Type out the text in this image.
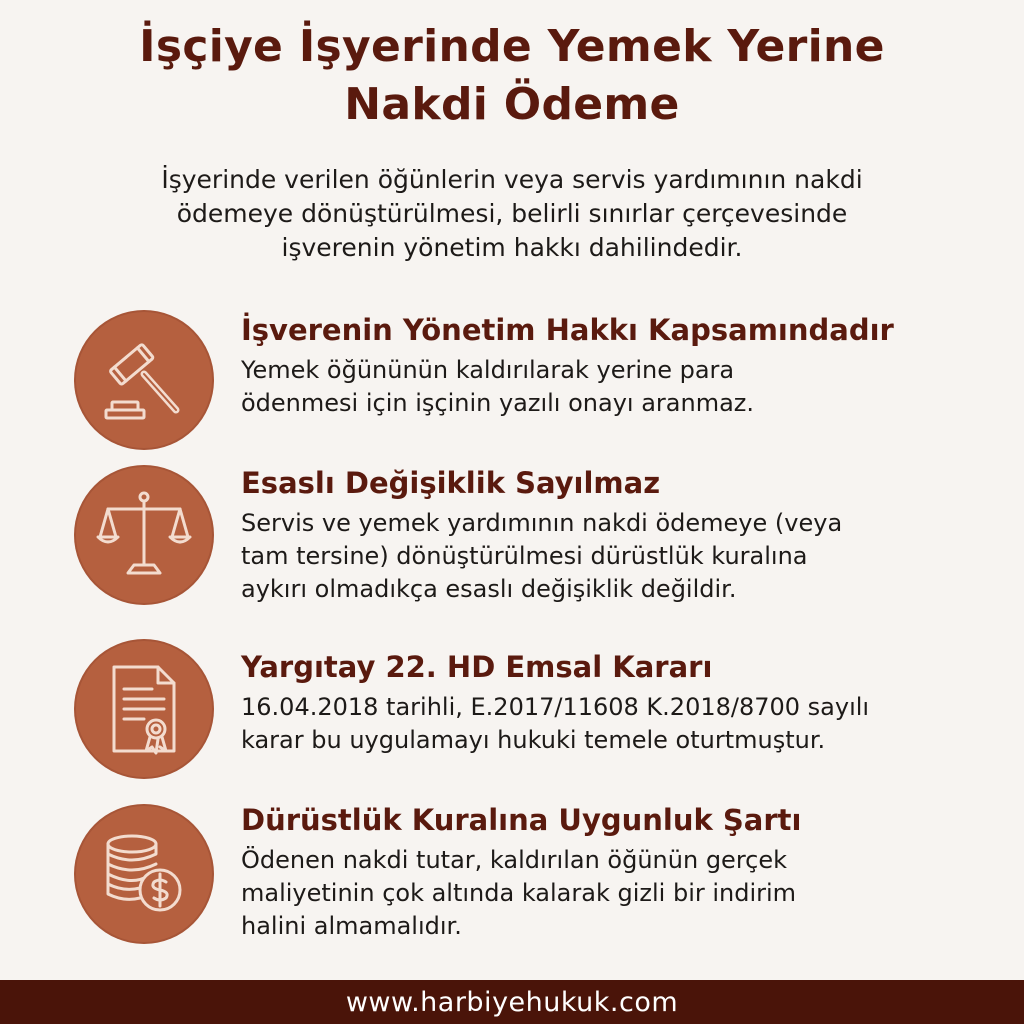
İşçiye İşyerinde Yemek Yerine
Nakdi Ödeme

İşyerinde verilen öğünlerin veya servis yardımının nakdi
ödemeye dönüştürülmesi, belirli sınırlar çerçevesinde
işverenin yönetim hakkı dahilindedir.

İşverenin Yönetim Hakkı Kapsamındadır

Yemek öğününün kaldırılarak yerine para
ödenmesi için işçinin yazılı onayı aranmaz.

Esaslı Değişiklik Sayılmaz

Servis ve yemek yardımının nakdi ödemeye (veya
tam tersine) dönüştürülmesi dürüstlük kuralına
aykırı olmadıkça esaslı değişiklik değildir.

Yargıtay 22. HD Emsal Kararı

16.04.2018 tarihli, E.2017/11608 K.2018/8700 sayılı
karar bu uygulamayı hukuki temele oturtmuştur.

Dürüstlük Kuralına Uygunluk Şartı

Ödenen nakdi tutar, kaldırılan öğünün gerçek
maliyetinin çok altında kalarak gizli bir indirim
halini almamalıdır.

www.harbiyehukuk.com
